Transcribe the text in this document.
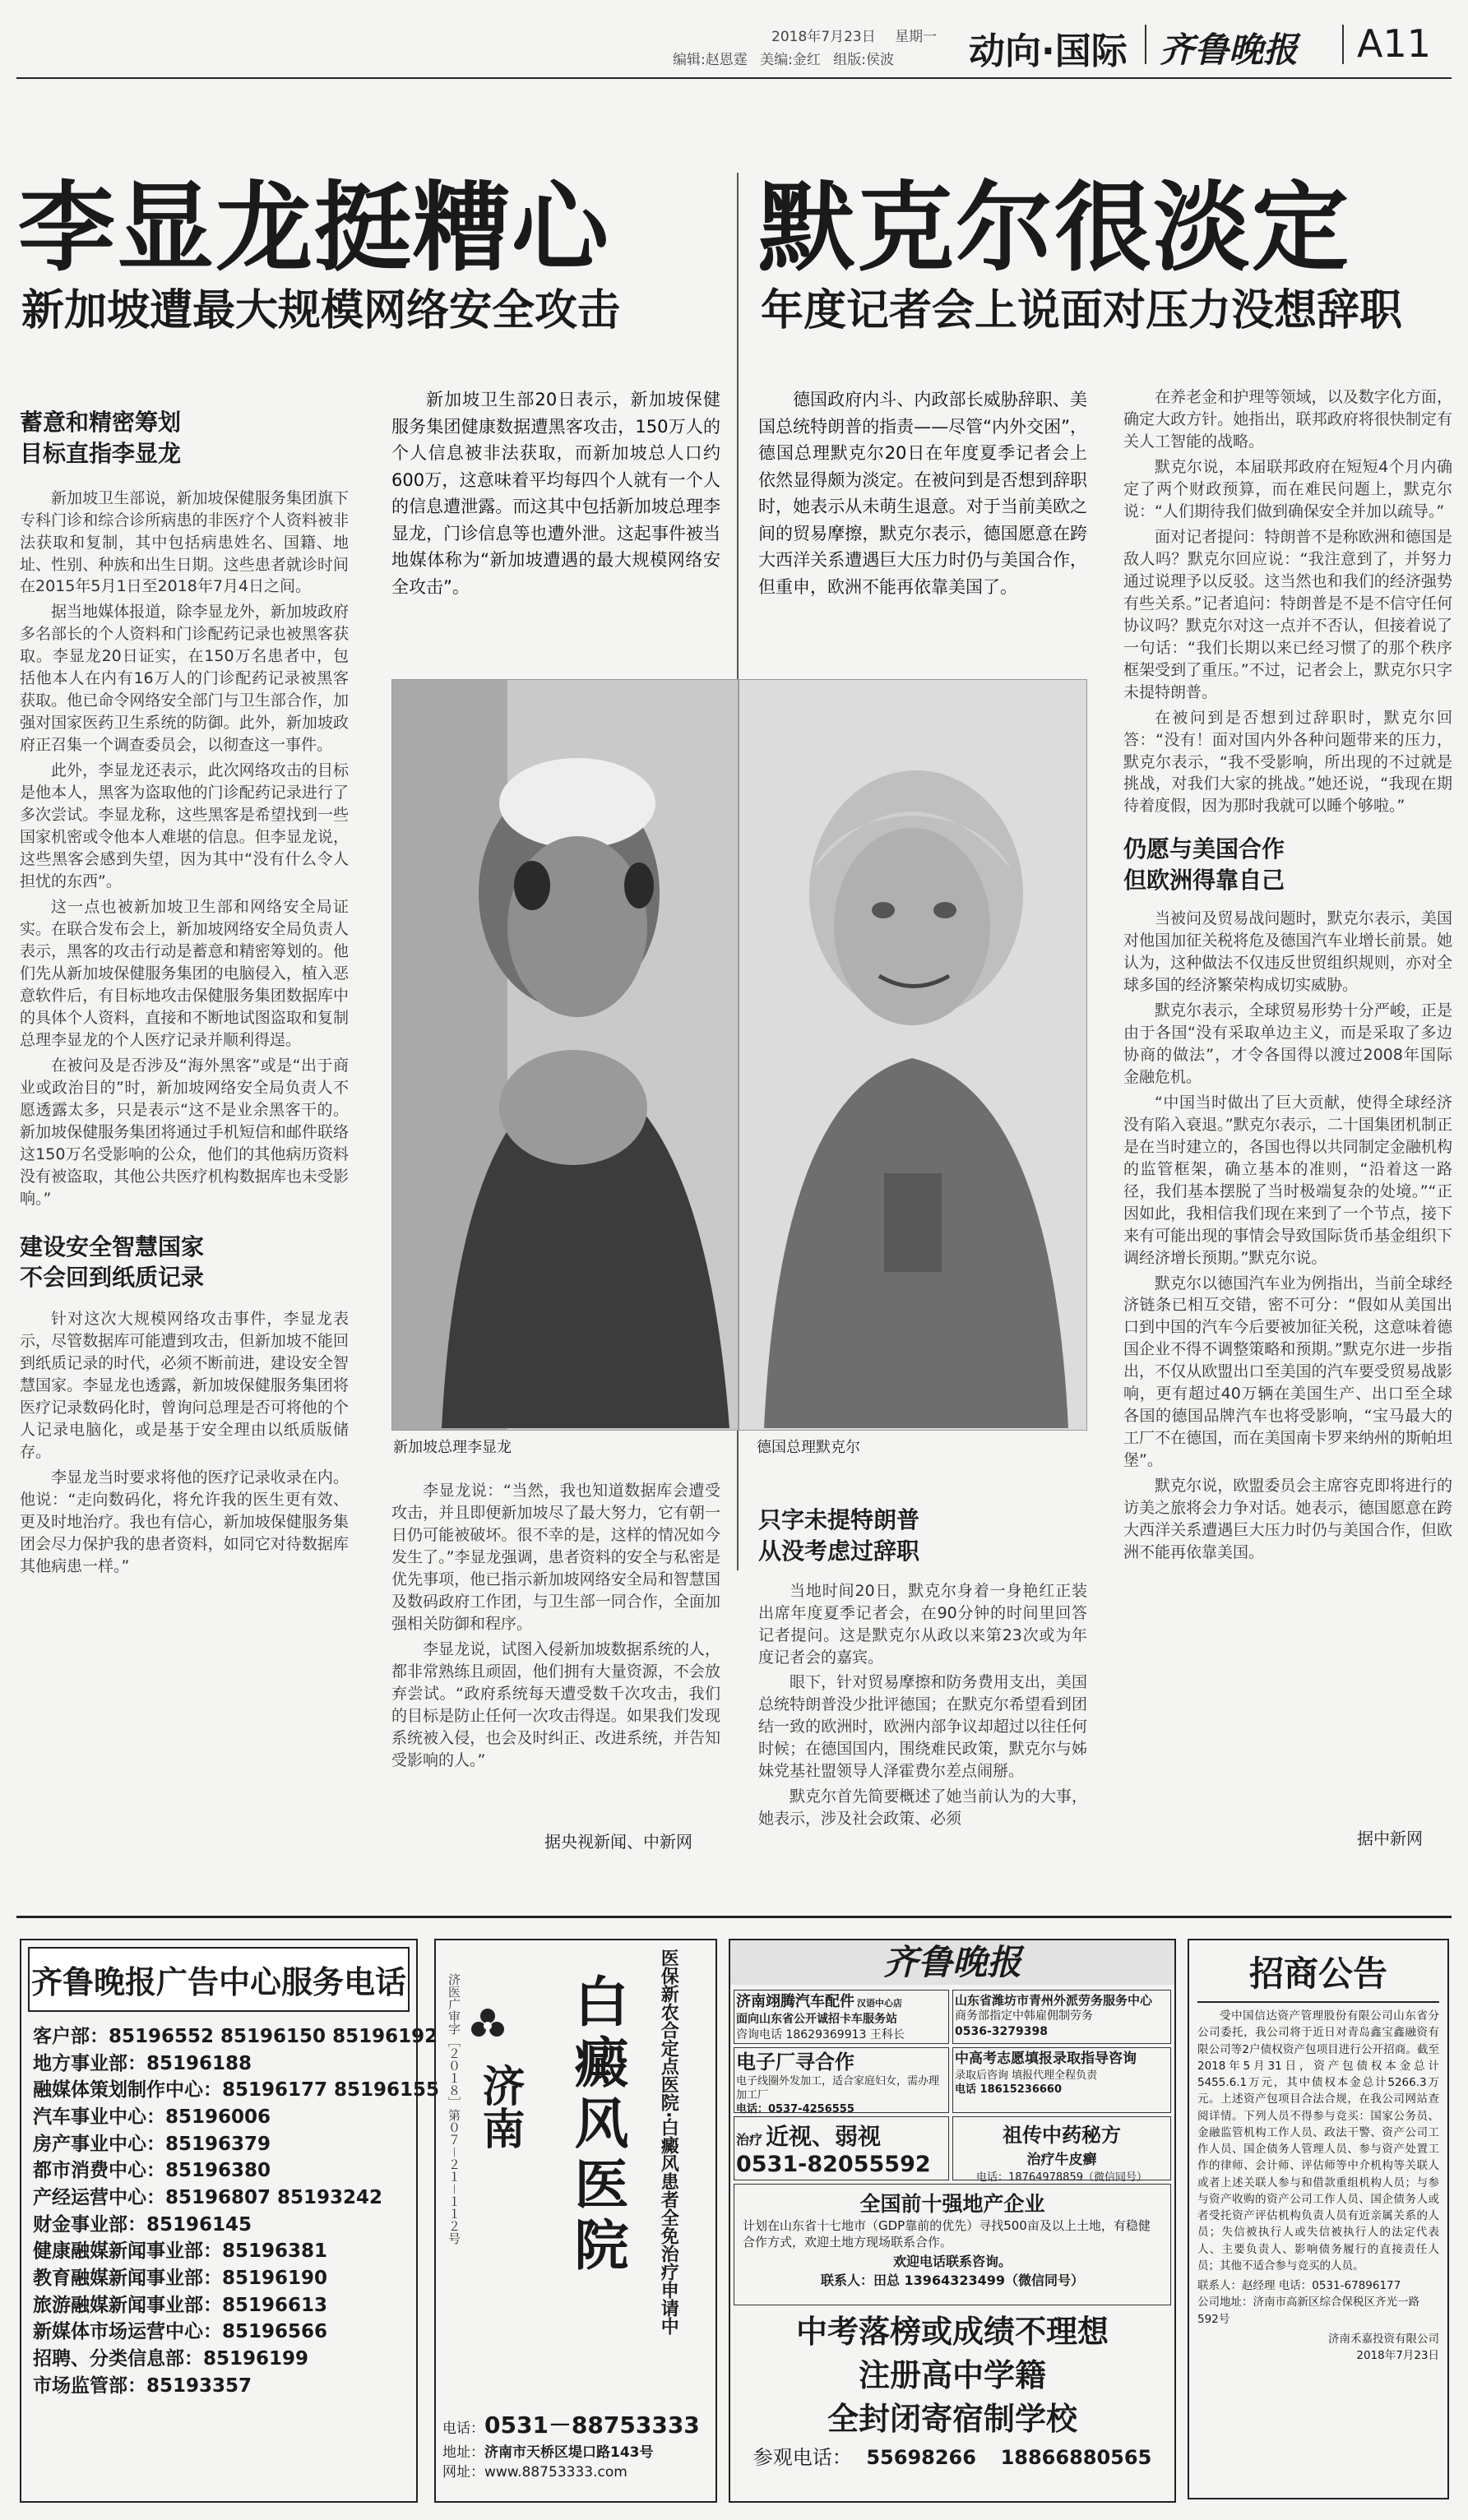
2018年7月23日 星期一
编辑:赵恩霆 美编:金红 组版:侯波 动向·国际 齐鲁晚报 A11
李显龙挺糟心
新加坡遭最大规模网络安全攻击
默克尔很淡定
年度记者会上说面对压力没想辞职
蓄意和精密筹划
目标直指李显龙

新加坡卫生部说，新加坡保健服务集团旗下专科门诊和综合诊所病患的非医疗个人资料被非法获取和复制，其中包括病患姓名、国籍、地址、性别、种族和出生日期。这些患者就诊时间在2015年5月1日至2018年7月4日之间。

据当地媒体报道，除李显龙外，新加坡政府多名部长的个人资料和门诊配药记录也被黑客获取。李显龙20日证实，在150万名患者中，包括他本人在内有16万人的门诊配药记录被黑客获取。他已命令网络安全部门与卫生部合作，加强对国家医药卫生系统的防御。此外，新加坡政府正召集一个调查委员会，以彻查这一事件。

此外，李显龙还表示，此次网络攻击的目标是他本人，黑客为盗取他的门诊配药记录进行了多次尝试。李显龙称，这些黑客是希望找到一些国家机密或令他本人难堪的信息。但李显龙说，这些黑客会感到失望，因为其中“没有什么令人担忧的东西”。

这一点也被新加坡卫生部和网络安全局证实。在联合发布会上，新加坡网络安全局负责人表示，黑客的攻击行动是蓄意和精密筹划的。他们先从新加坡保健服务集团的电脑侵入，植入恶意软件后，有目标地攻击保健服务集团数据库中的具体个人资料，直接和不断地试图盗取和复制总理李显龙的个人医疗记录并顺利得逞。

在被问及是否涉及“海外黑客”或是“出于商业或政治目的”时，新加坡网络安全局负责人不愿透露太多，只是表示“这不是业余黑客干的。新加坡保健服务集团将通过手机短信和邮件联络这150万名受影响的公众，他们的其他病历资料没有被盗取，其他公共医疗机构数据库也未受影响。”

建设安全智慧国家
不会回到纸质记录

针对这次大规模网络攻击事件，李显龙表示，尽管数据库可能遭到攻击，但新加坡不能回到纸质记录的时代，必须不断前进，建设安全智慧国家。李显龙也透露，新加坡保健服务集团将医疗记录数码化时，曾询问总理是否可将他的个人记录电脑化，或是基于安全理由以纸质版储存。

李显龙当时要求将他的医疗记录收录在内。他说：“走向数码化，将允许我的医生更有效、更及时地治疗。我也有信心，新加坡保健服务集团会尽力保护我的患者资料，如同它对待数据库其他病患一样。”

新加坡卫生部20日表示，新加坡保健服务集团健康数据遭黑客攻击，150万人的个人信息被非法获取，而新加坡总人口约600万，这意味着平均每四个人就有一个人的信息遭泄露。而这其中包括新加坡总理李显龙，门诊信息等也遭外泄。这起事件被当地媒体称为“新加坡遭遇的最大规模网络安全攻击”。

新加坡总理李显龙

李显龙说：“当然，我也知道数据库会遭受攻击，并且即便新加坡尽了最大努力，它有朝一日仍可能被破坏。很不幸的是，这样的情况如今发生了。”李显龙强调，患者资料的安全与私密是优先事项，他已指示新加坡网络安全局和智慧国及数码政府工作团，与卫生部一同合作，全面加强相关防御和程序。

李显龙说，试图入侵新加坡数据系统的人，都非常熟练且顽固，他们拥有大量资源，不会放弃尝试。“政府系统每天遭受数千次攻击，我们的目标是防止任何一次攻击得逞。如果我们发现系统被入侵，也会及时纠正、改进系统，并告知受影响的人。”

据央视新闻、中新网

德国政府内斗、内政部长威胁辞职、美国总统特朗普的指责——尽管“内外交困”，德国总理默克尔20日在年度夏季记者会上依然显得颇为淡定。在被问到是否想到辞职时，她表示从未萌生退意。对于当前美欧之间的贸易摩擦，默克尔表示，德国愿意在跨大西洋关系遭遇巨大压力时仍与美国合作，但重申，欧洲不能再依靠美国了。

德国总理默克尔
只字未提特朗普
从没考虑过辞职

当地时间20日，默克尔身着一身艳红正装出席年度夏季记者会，在90分钟的时间里回答记者提问。这是默克尔从政以来第23次或为年度记者会的嘉宾。

眼下，针对贸易摩擦和防务费用支出，美国总统特朗普没少批评德国；在默克尔希望看到团结一致的欧洲时，欧洲内部争议却超过以往任何时候；在德国国内，围绕难民政策，默克尔与姊妹党基社盟领导人泽霍费尔差点闹掰。

默克尔首先简要概述了她当前认为的大事，她表示，涉及社会政策、必须

在养老金和护理等领域，以及数字化方面，确定大政方针。她指出，联邦政府将很快制定有关人工智能的战略。

默克尔说，本届联邦政府在短短4个月内确定了两个财政预算，而在难民问题上，默克尔说：“人们期待我们做到确保安全并加以疏导。”

面对记者提问：特朗普不是称欧洲和德国是敌人吗？默克尔回应说：“我注意到了，并努力通过说理予以反驳。这当然也和我们的经济强势有些关系。”记者追问：特朗普是不是不信守任何协议吗？默克尔对这一点并不否认，但接着说了一句话：“我们长期以来已经习惯了的那个秩序框架受到了重压。”不过，记者会上，默克尔只字未提特朗普。

在被问到是否想到过辞职时，默克尔回答：“没有！面对国内外各种问题带来的压力，默克尔表示，“我不受影响，所出现的不过就是挑战，对我们大家的挑战。”她还说，“我现在期待着度假，因为那时我就可以睡个够啦。”

仍愿与美国合作
但欧洲得靠自己

当被问及贸易战问题时，默克尔表示，美国对他国加征关税将危及德国汽车业增长前景。她认为，这种做法不仅违反世贸组织规则，亦对全球多国的经济繁荣构成切实威胁。

默克尔表示，全球贸易形势十分严峻，正是由于各国“没有采取单边主义，而是采取了多边协商的做法”，才令各国得以渡过2008年国际金融危机。

“中国当时做出了巨大贡献，使得全球经济没有陷入衰退。”默克尔表示，二十国集团机制正是在当时建立的，各国也得以共同制定金融机构的监管框架，确立基本的准则，“沿着这一路径，我们基本摆脱了当时极端复杂的处境。”“正因如此，我相信我们现在来到了一个节点，接下来有可能出现的事情会导致国际货币基金组织下调经济增长预期。”默克尔说。

默克尔以德国汽车业为例指出，当前全球经济链条已相互交错，密不可分：“假如从美国出口到中国的汽车今后要被加征关税，这意味着德国企业不得不调整策略和预期。”默克尔进一步指出，不仅从欧盟出口至美国的汽车要受贸易战影响，更有超过40万辆在美国生产、出口至全球各国的德国品牌汽车也将受影响，“宝马最大的工厂不在德国，而在美国南卡罗来纳州的斯帕坦堡”。

默克尔说，欧盟委员会主席容克即将进行的访美之旅将会力争对话。她表示，德国愿意在跨大西洋关系遭遇巨大压力时仍与美国合作，但欧洲不能再依靠美国。

据中新网
齐鲁晚报广告中心服务电话
客户部：85196552 85196150 85196192
地方事业部：85196188
融媒体策划制作中心：85196177 85196155
汽车事业中心：85196006
房产事业中心：85196379
都市消费中心：85196380
产经运营中心：85196807 85193242
财金事业部：85196145
健康融媒新闻事业部：85196381
教育融媒新闻事业部：85196190
旅游融媒新闻事业部：85196613
新媒体市场运营中心：85196566
招聘、分类信息部：85196199
市场监管部：85193357
济医广审字［２０１８］第０７－２１－１１２号 济南 白癜风医院	医保新农合定点医院·白癜风患者全免治疗申请中
电话：0531－88753333
地址：济南市天桥区堤口路143号
网址：www.88753333.com
齐鲁晚报
济南翊腾汽车配件 汉语中心店
面向山东省公开诚招卡车服务站
咨询电话 18629369913 王科长
山东省潍坊市青州外派劳务服务中心
商务部指定中韩雇佣制劳务
0536-3279398
电子厂寻合作
电子线圈外发加工，适合家庭妇女，需办理加工厂
电话：0537-4256555
中高考志愿填报录取指导咨询
录取后咨询 填报代理全程负责
电话 18615236660
治疗 近视、弱视
0531-82055592
祖传中药秘方
治疗牛皮癣
电话：18764978859（微信同号）
全国前十强地产企业
计划在山东省十七地市（GDP靠前的优先）寻找500亩及以上土地，有稳健合作方式，欢迎土地方现场联系合作。
欢迎电话联系咨询。
联系人：田总 13964323499（微信同号）
中考落榜或成绩不理想
注册高中学籍
全封闭寄宿制学校
参观电话： 55698266 18866880565
招商公告

受中国信达资产管理股份有限公司山东省分公司委托，我公司将于近日对青岛鑫宝鑫融资有限公司等2户债权资产包项目进行公开招商。截至2018年5月31日，资产包债权本金总计5455.6.1万元，其中债权本金总计5266.3万元。上述资产包项目合法合规，在我公司网站查阅详情。下列人员不得参与竞买：国家公务员、金融监管机构工作人员、政法干警、资产公司工作人员、国企债务人管理人员、参与资产处置工作的律师、会计师、评估师等中介机构等关联人或者上述关联人参与和借款重组机构人员；与参与资产收购的资产公司工作人员、国企债务人或者受托资产评估机构负责人员有近亲属关系的人员；失信被执行人或失信被执行人的法定代表人、主要负责人、影响债务履行的直接责任人员；其他不适合参与竞买的人员。

联系人：赵经理 电话：0531-67896177
公司地址：济南市高新区综合保税区齐光一路592号
济南禾嘉投资有限公司
2018年7月23日
